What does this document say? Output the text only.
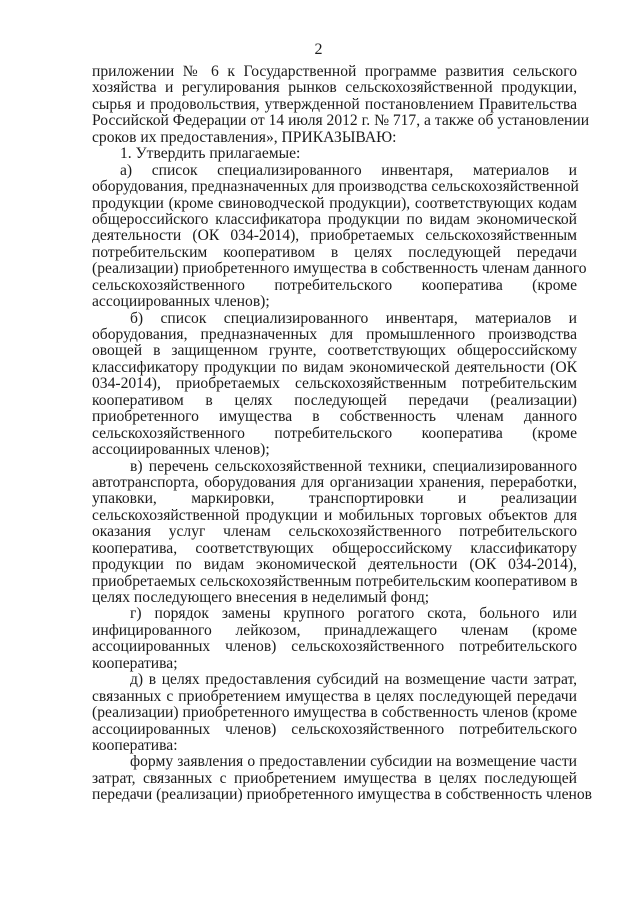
2
приложении № 6 к Государственной программе развития сельского
хозяйства и регулирования рынков сельскохозяйственной продукции,
сырья и продовольствия, утвержденной постановлением Правительства
Российской Федерации от 14 июля 2012 г. № 717, а также об установлении
сроков их предоставления», ПРИКАЗЫВАЮ:
1. Утвердить прилагаемые:
а) список специализированного инвентаря, материалов и
оборудования, предназначенных для производства сельскохозяйственной
продукции (кроме свиноводческой продукции), соответствующих кодам
общероссийского классификатора продукции по видам экономической
деятельности (ОК 034-2014), приобретаемых сельскохозяйственным
потребительским кооперативом в целях последующей передачи
(реализации) приобретенного имущества в собственность членам данного
сельскохозяйственного потребительского кооператива (кроме
ассоциированных членов);
б) список специализированного инвентаря, материалов и
оборудования, предназначенных для промышленного производства
овощей в защищенном грунте, соответствующих общероссийскому
классификатору продукции по видам экономической деятельности (ОК
034-2014), приобретаемых сельскохозяйственным потребительским
кооперативом в целях последующей передачи (реализации)
приобретенного имущества в собственность членам данного
сельскохозяйственного потребительского кооператива (кроме
ассоциированных членов);
в) перечень сельскохозяйственной техники, специализированного
автотранспорта, оборудования для организации хранения, переработки,
упаковки, маркировки, транспортировки и реализации
сельскохозяйственной продукции и мобильных торговых объектов для
оказания услуг членам сельскохозяйственного потребительского
кооператива, соответствующих общероссийскому классификатору
продукции по видам экономической деятельности (ОК 034-2014),
приобретаемых сельскохозяйственным потребительским кооперативом в
целях последующего внесения в неделимый фонд;
г) порядок замены крупного рогатого скота, больного или
инфицированного лейкозом, принадлежащего членам (кроме
ассоциированных членов) сельскохозяйственного потребительского
кооператива;
д) в целях предоставления субсидий на возмещение части затрат,
связанных с приобретением имущества в целях последующей передачи
(реализации) приобретенного имущества в собственность членов (кроме
ассоциированных членов) сельскохозяйственного потребительского
кооператива:
форму заявления о предоставлении субсидии на возмещение части
затрат, связанных с приобретением имущества в целях последующей
передачи (реализации) приобретенного имущества в собственность членов
